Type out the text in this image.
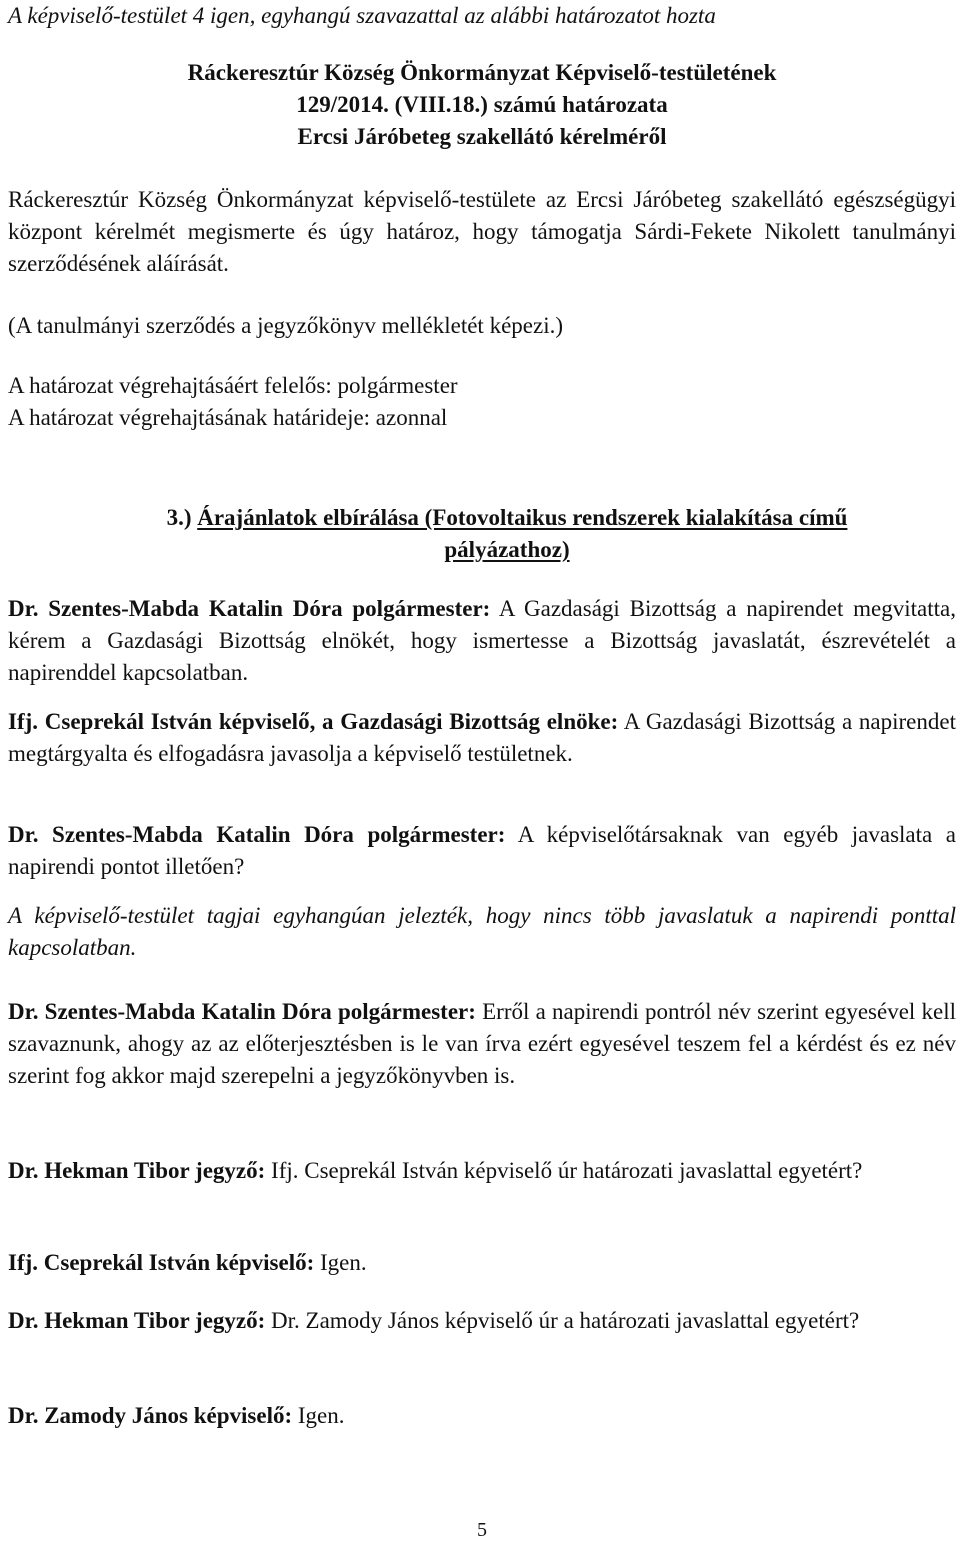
A képviselő-testület 4 igen, egyhangú szavazattal az alábbi határozatot hozta

Ráckeresztúr Község Önkormányzat Képviselő-testületének

129/2014. (VIII.18.) számú határozata

Ercsi Járóbeteg szakellátó kérelméről

Ráckeresztúr Község Önkormányzat képviselő-testülete az Ercsi Járóbeteg szakellátó egészségügyi központ kérelmét megismerte és úgy határoz, hogy támogatja Sárdi-Fekete Nikolett tanulmányi szerződésének aláírását.

(A tanulmányi szerződés a jegyzőkönyv mellékletét képezi.)

A határozat végrehajtásáért felelős: polgármester

A határozat végrehajtásának határideje: azonnal

3.) Árajánlatok elbírálása (Fotovoltaikus rendszerek kialakítása című
pályázathoz)

Dr. Szentes-Mabda Katalin Dóra polgármester: A Gazdasági Bizottság a napirendet megvitatta, kérem a Gazdasági Bizottság elnökét, hogy ismertesse a Bizottság javaslatát, észrevételét a napirenddel kapcsolatban.

Ifj. Cseprekál István képviselő, a Gazdasági Bizottság elnöke: A Gazdasági Bizottság a napirendet megtárgyalta és elfogadásra javasolja a képviselő testületnek.

Dr. Szentes-Mabda Katalin Dóra polgármester: A képviselőtársaknak van egyéb javaslata a napirendi pontot illetően?

A képviselő-testület tagjai egyhangúan jelezték, hogy nincs több javaslatuk a napirendi ponttal kapcsolatban.

Dr. Szentes-Mabda Katalin Dóra polgármester: Erről a napirendi pontról név szerint egyesével kell szavaznunk, ahogy az az előterjesztésben is le van írva ezért egyesével teszem fel a kérdést és ez név szerint fog akkor majd szerepelni a jegyzőkönyvben is.

Dr. Hekman Tibor jegyző: Ifj. Cseprekál István képviselő úr határozati javaslattal egyetért?

Ifj. Cseprekál István képviselő: Igen.

Dr. Hekman Tibor jegyző: Dr. Zamody János képviselő úr a határozati javaslattal egyetért?

Dr. Zamody János képviselő: Igen.

5
